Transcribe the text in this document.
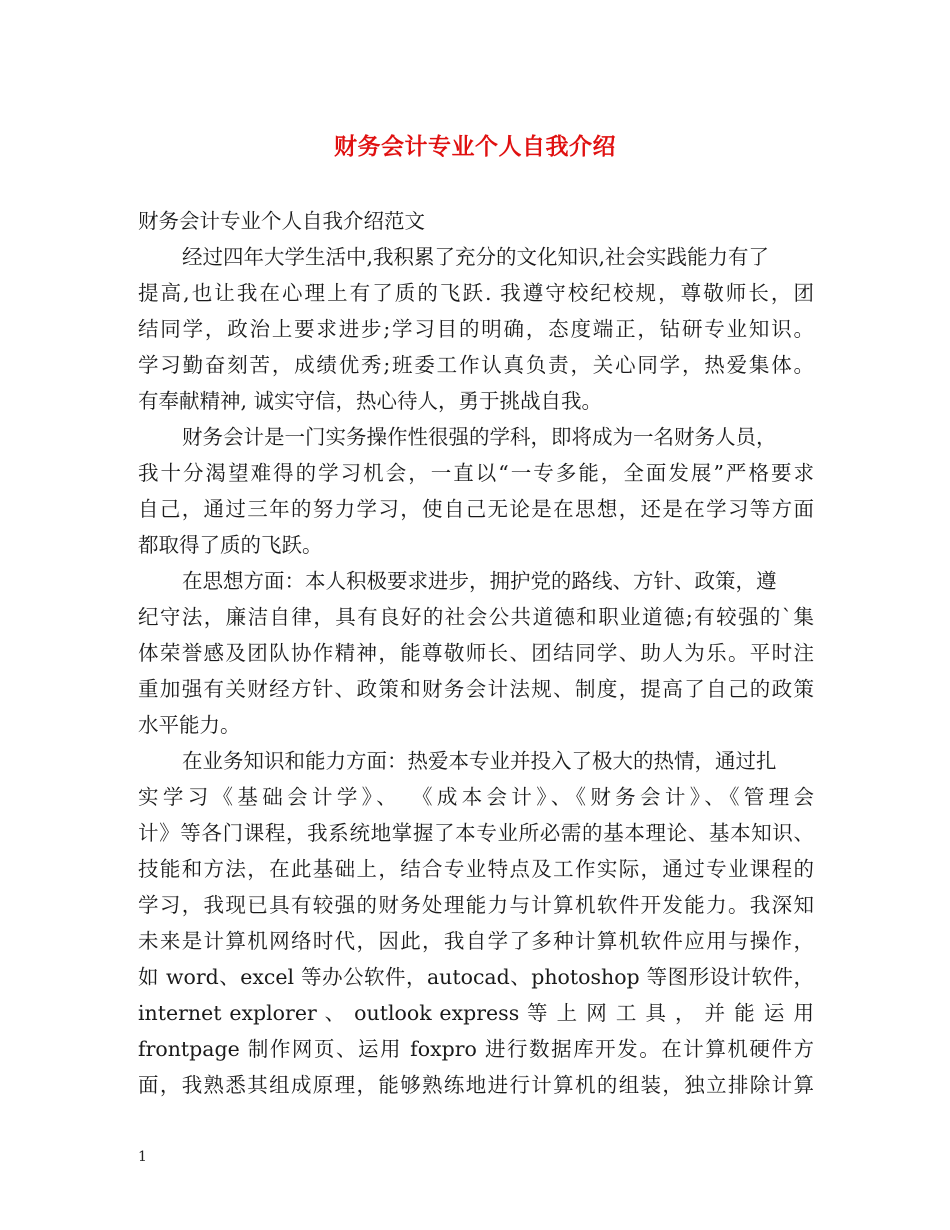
财务会计专业个人自我介绍
财务会计专业个人自我介绍范文
经过四年大学生活中,我积累了充分的文化知识,社会实践能力有了
提高,也让我在心理上有了质的飞跃. 我遵守校纪校规，尊敬师长，团
结同学，政治上要求进步;学习目的明确，态度端正，钻研专业知识。
学习勤奋刻苦，成绩优秀;班委工作认真负责，关心同学，热爱集体。
有奉献精神, 诚实守信，热心待人，勇于挑战自我。
财务会计是一门实务操作性很强的学科，即将成为一名财务人员，
我十分渴望难得的学习机会，一直以“一专多能，全面发展”严格要求
自己，通过三年的努力学习，使自己无论是在思想，还是在学习等方面
都取得了质的飞跃。
在思想方面：本人积极要求进步，拥护党的路线、方针、政策，遵
纪守法，廉洁自律，具有良好的社会公共道德和职业道德;有较强的`集
体荣誉感及团队协作精神，能尊敬师长、团结同学、助人为乐。平时注
重加强有关财经方针、政策和财务会计法规、制度，提高了自己的政策
水平能力。
在业务知识和能力方面：热爱本专业并投入了极大的热情，通过扎
实学习《基础会计学》、 《成本会计》、《财务会计》、《管理会
计》等各门课程，我系统地掌握了本专业所必需的基本理论、基本知识、
技能和方法，在此基础上，结合专业特点及工作实际，通过专业课程的
学习，我现已具有较强的财务处理能力与计算机软件开发能力。我深知
未来是计算机网络时代，因此，我自学了多种计算机软件应用与操作，
如 word、excel 等办公软件，autocad、photoshop 等图形设计软件，
internet explorer 、 outlook express 等 上 网 工 具 ， 并 能 运 用
frontpage 制作网页、运用 foxpro 进行数据库开发。在计算机硬件方
面，我熟悉其组成原理，能够熟练地进行计算机的组装，独立排除计算
1
